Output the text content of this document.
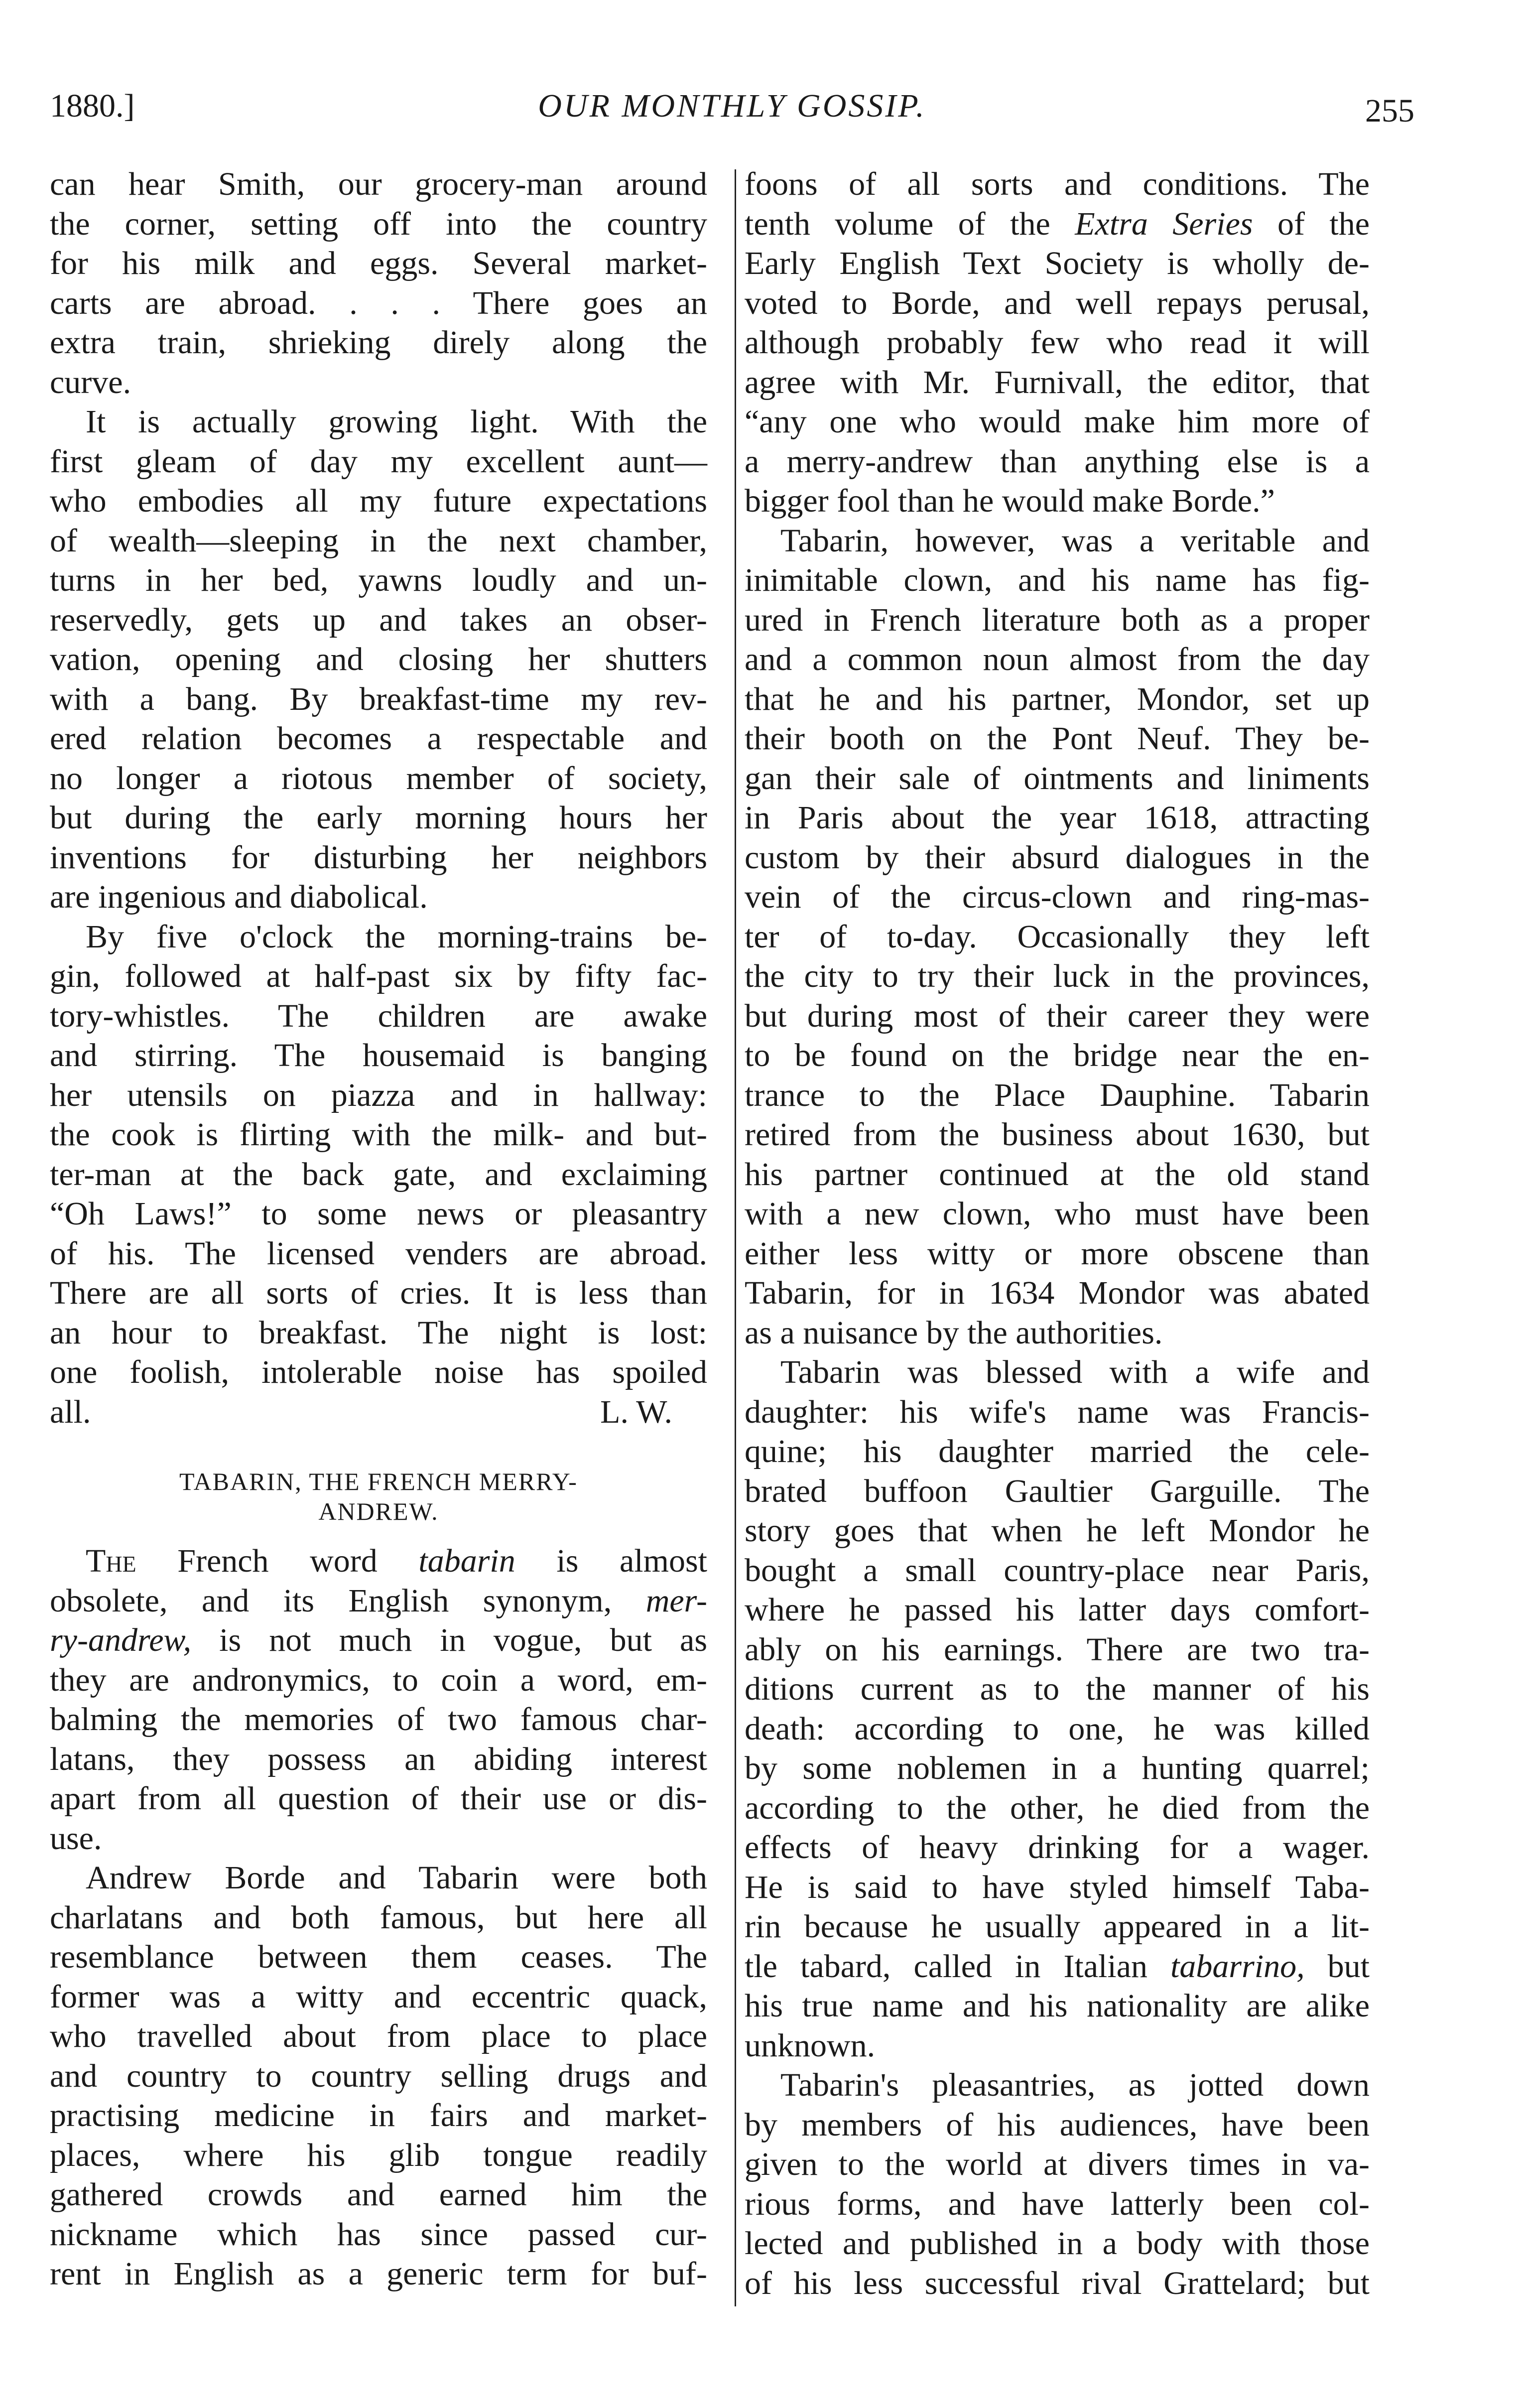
1880.]	OUR MONTHLY GOSSIP.	255
can hear Smith, our grocery-man around
the corner, setting off into the country
for his milk and eggs. Several market-
carts are abroad. . . . There goes an
extra train, shrieking direly along the
curve.
It is actually growing light. With the
first gleam of day my excellent aunt—
who embodies all my future expectations
of wealth—sleeping in the next chamber,
turns in her bed, yawns loudly and un-
reservedly, gets up and takes an obser-
vation, opening and closing her shutters
with a bang. By breakfast-time my rev-
ered relation becomes a respectable and
no longer a riotous member of society,
but during the early morning hours her
inventions for disturbing her neighbors
are ingenious and diabolical.
By five o'clock the morning-trains be-
gin, followed at half-past six by fifty fac-
tory-whistles. The children are awake
and stirring. The housemaid is banging
her utensils on piazza and in hallway:
the cook is flirting with the milk- and but-
ter-man at the back gate, and exclaiming
“Oh Laws!” to some news or pleasantry
of his. The licensed venders are abroad.
There are all sorts of cries. It is less than
an hour to breakfast. The night is lost:
one foolish, intolerable noise has spoiled
all.	L. W.
TABARIN, THE FRENCH MERRY-
ANDREW.
The French word tabarin is almost
obsolete, and its English synonym, mer-
ry-andrew, is not much in vogue, but as
they are andronymics, to coin a word, em-
balming the memories of two famous char-
latans, they possess an abiding interest
apart from all question of their use or dis-
use.
Andrew Borde and Tabarin were both
charlatans and both famous, but here all
resemblance between them ceases. The
former was a witty and eccentric quack,
who travelled about from place to place
and country to country selling drugs and
practising medicine in fairs and market-
places, where his glib tongue readily
gathered crowds and earned him the
nickname which has since passed cur-
rent in English as a generic term for buf-
foons of all sorts and conditions. The
tenth volume of the Extra Series of the
Early English Text Society is wholly de-
voted to Borde, and well repays perusal,
although probably few who read it will
agree with Mr. Furnivall, the editor, that
“any one who would make him more of
a merry-andrew than anything else is a
bigger fool than he would make Borde.”
Tabarin, however, was a veritable and
inimitable clown, and his name has fig-
ured in French literature both as a proper
and a common noun almost from the day
that he and his partner, Mondor, set up
their booth on the Pont Neuf. They be-
gan their sale of ointments and liniments
in Paris about the year 1618, attracting
custom by their absurd dialogues in the
vein of the circus-clown and ring-mas-
ter of to-day. Occasionally they left
the city to try their luck in the provinces,
but during most of their career they were
to be found on the bridge near the en-
trance to the Place Dauphine. Tabarin
retired from the business about 1630, but
his partner continued at the old stand
with a new clown, who must have been
either less witty or more obscene than
Tabarin, for in 1634 Mondor was abated
as a nuisance by the authorities.
Tabarin was blessed with a wife and
daughter: his wife's name was Francis-
quine; his daughter married the cele-
brated buffoon Gaultier Garguille. The
story goes that when he left Mondor he
bought a small country-place near Paris,
where he passed his latter days comfort-
ably on his earnings. There are two tra-
ditions current as to the manner of his
death: according to one, he was killed
by some noblemen in a hunting quarrel;
according to the other, he died from the
effects of heavy drinking for a wager.
He is said to have styled himself Taba-
rin because he usually appeared in a lit-
tle tabard, called in Italian tabarrino, but
his true name and his nationality are alike
unknown.
Tabarin's pleasantries, as jotted down
by members of his audiences, have been
given to the world at divers times in va-
rious forms, and have latterly been col-
lected and published in a body with those
of his less successful rival Grattelard; but
